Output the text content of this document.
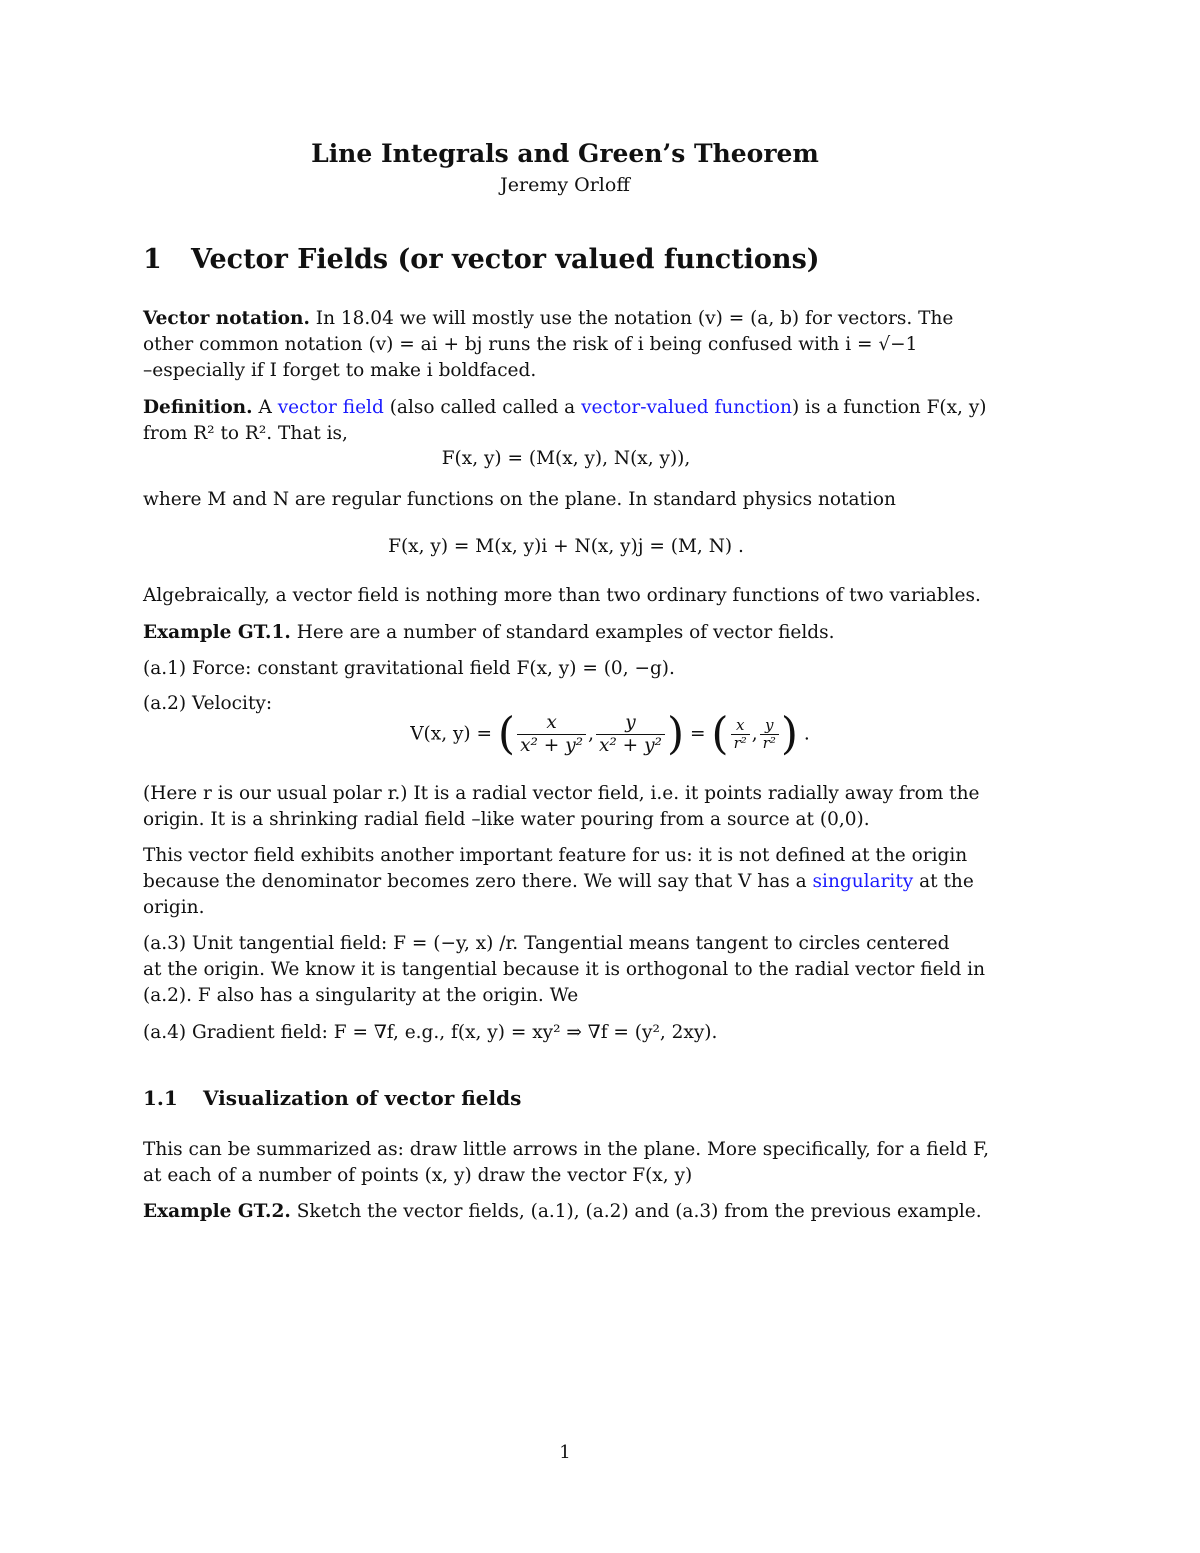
Line Integrals and Green’s Theorem
Jeremy Orloff
1 Vector Fields (or vector valued functions)
Vector notation. In 18.04 we will mostly use the notation (v) = (a, b) for vectors. The
other common notation (v) = ai + bj runs the risk of i being confused with i = √−1
–especially if I forget to make i boldfaced.
Definition. A vector field (also called called a vector-valued function) is a function F(x, y)
from R² to R². That is,
F(x, y) = (M(x, y), N(x, y)),
where M and N are regular functions on the plane. In standard physics notation
F(x, y) = M(x, y)i + N(x, y)j = (M, N) .
Algebraically, a vector field is nothing more than two ordinary functions of two variables.
Example GT.1. Here are a number of standard examples of vector fields.
(a.1) Force: constant gravitational field F(x, y) = (0, −g).
(a.2) Velocity:
V(x, y) = ( $\frac{x}{\text{x² + y²}}$ , $\frac{y}{\text{x² + y²}}$ ) = ( $\frac{x}{\text{r²}}$ , $\frac{y}{\text{r²}}$ ) .
(Here r is our usual polar r.) It is a radial vector field, i.e. it points radially away from the
origin. It is a shrinking radial field –like water pouring from a source at (0,0).
This vector field exhibits another important feature for us: it is not defined at the origin
because the denominator becomes zero there. We will say that V has a singularity at the
origin.
(a.3) Unit tangential field: F = (−y, x) /r. Tangential means tangent to circles centered
at the origin. We know it is tangential because it is orthogonal to the radial vector field in
(a.2). F also has a singularity at the origin. We
(a.4) Gradient field: F = ∇f, e.g., f(x, y) = xy² ⇒ ∇f = (y², 2xy).
1.1 Visualization of vector fields
This can be summarized as: draw little arrows in the plane. More specifically, for a field F,
at each of a number of points (x, y) draw the vector F(x, y)
Example GT.2. Sketch the vector fields, (a.1), (a.2) and (a.3) from the previous example.
1
